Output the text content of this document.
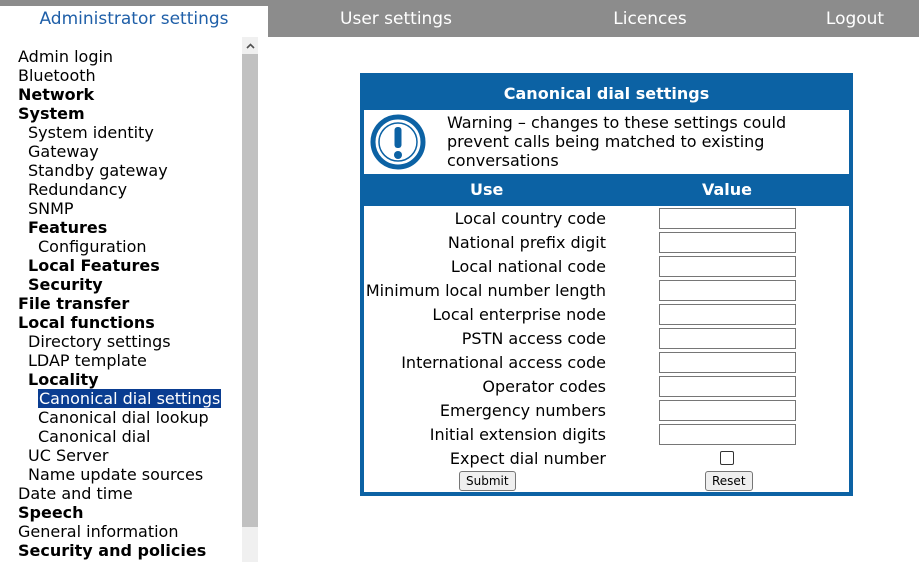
Administrator settings	User settings	Licences	Logout
Admin login
Bluetooth
Network
System
System identity
Gateway
Standby gateway
Redundancy
SNMP
Features
Configuration
Local Features
Security
File transfer
Local functions
Directory settings
LDAP template
Locality
Canonical dial settings
Canonical dial lookup
Canonical dial
UC Server
Name update sources
Date and time
Speech
General information
Security and policies
Canonical dial settings
Warning – changes to these settings could
prevent calls being matched to existing
conversations
Use	Value
Initial extension digits
Emergency numbers
Operator codes
International access code
PSTN access code
Local enterprise node
Minimum local number length
Local national code
National prefix digit
Local country code
Expect dial number
Submit	Reset
